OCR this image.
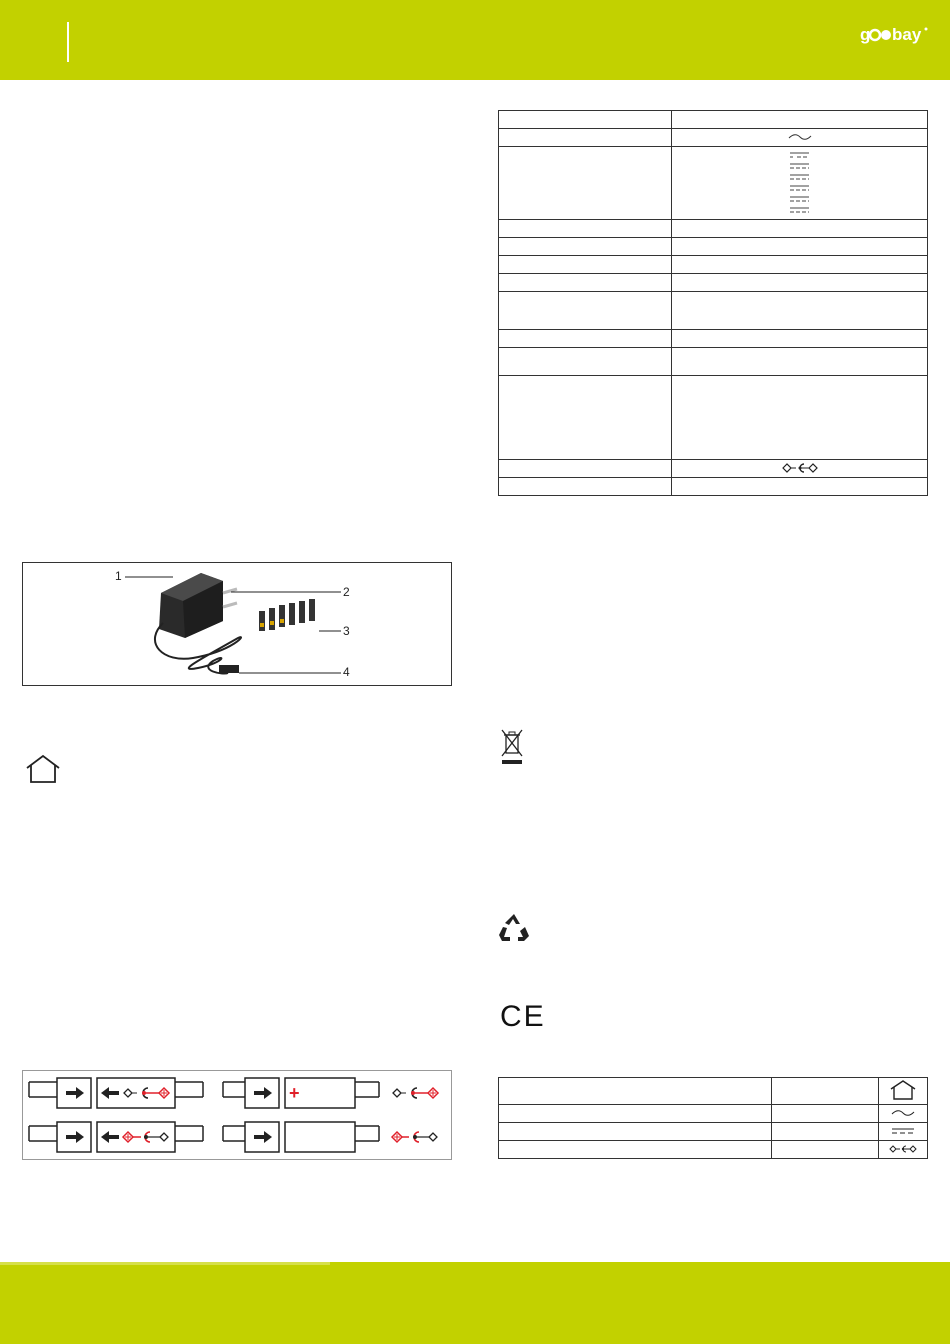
g bay

1
2
3
4
CE

+
